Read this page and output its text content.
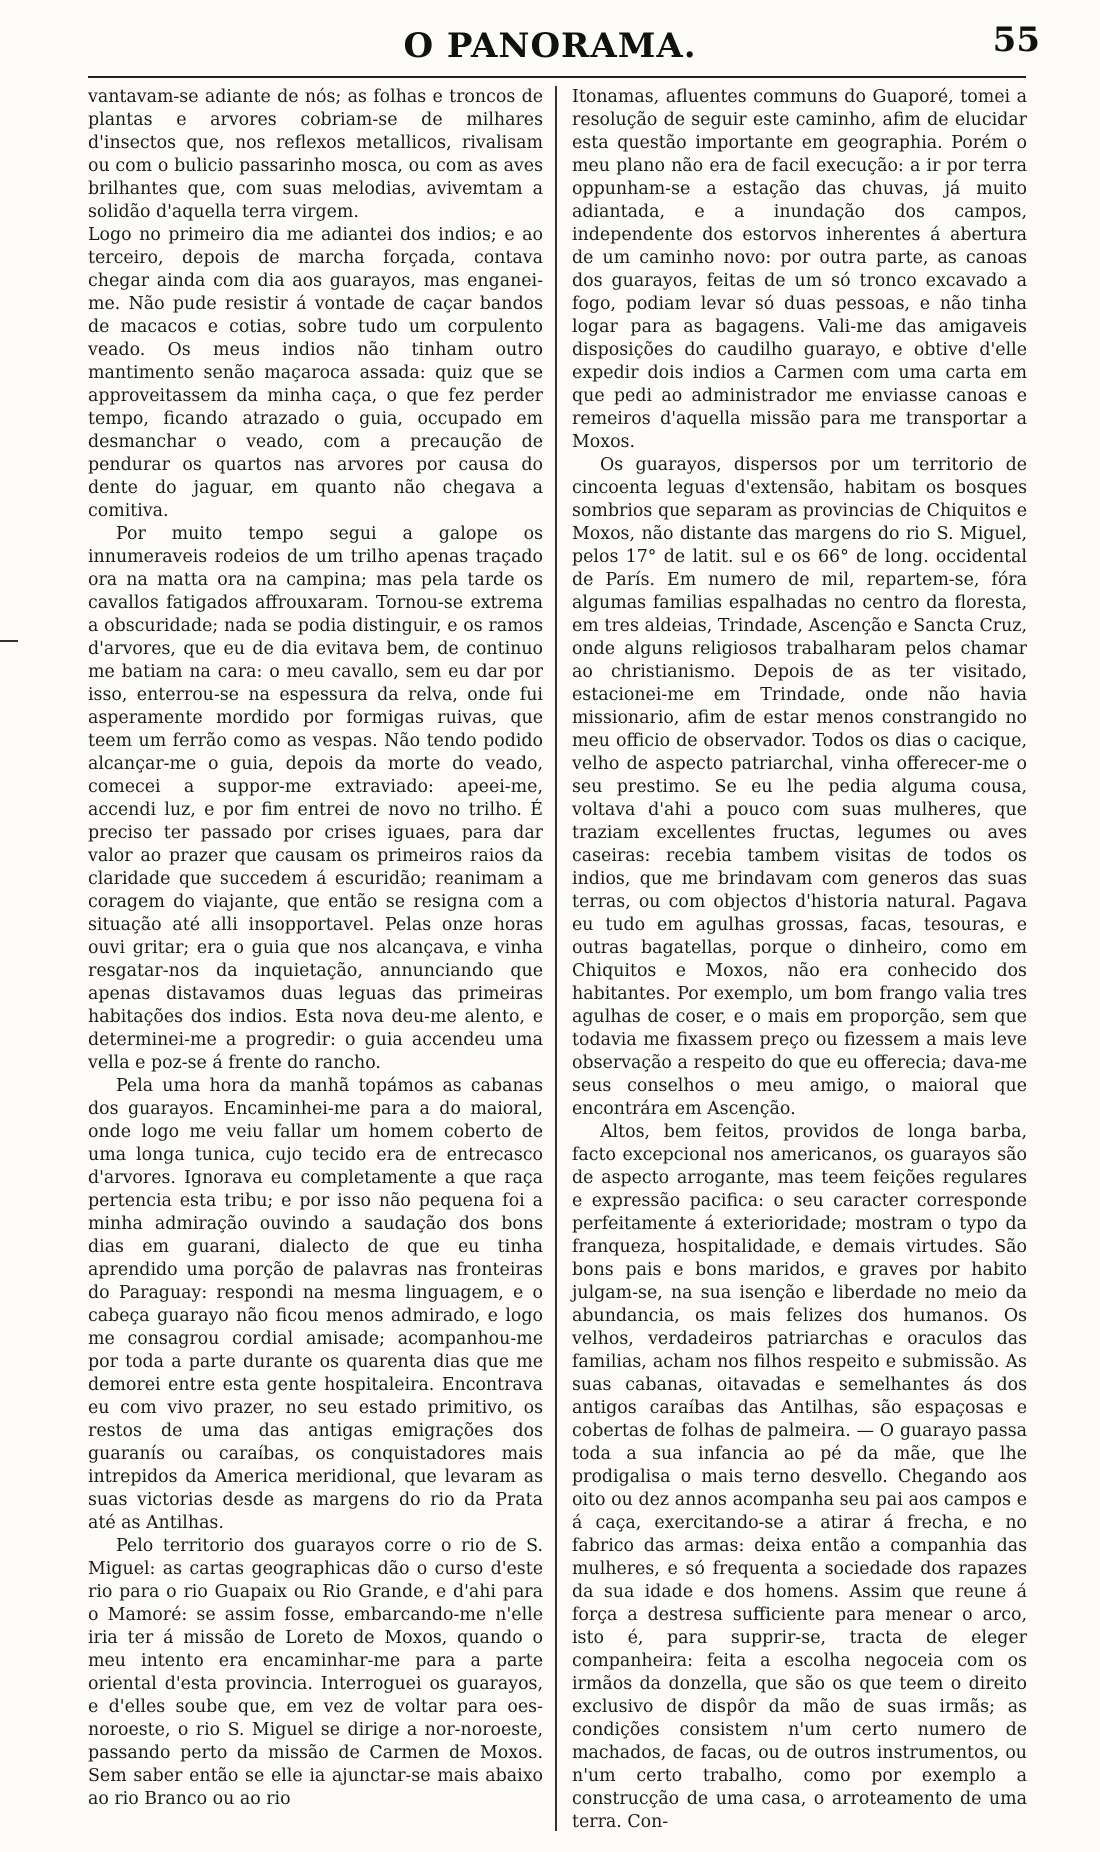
O PANORAMA.	55

vantavam-se adiante de nós; as folhas e troncos de plantas e arvores cobriam-se de milhares d'insectos que, nos reflexos metallicos, rivalisam ou com o bulicio passarinho mosca, ou com as aves brilhantes que, com suas melodias, avivemtam a solidão d'aquella terra virgem.

Logo no primeiro dia me adiantei dos indios; e ao terceiro, depois de marcha forçada, contava chegar ainda com dia aos guarayos, mas enganei-me. Não pude resistir á vontade de caçar bandos de macacos e cotias, sobre tudo um corpulento veado. Os meus indios não tinham outro mantimento senão maçaroca assada: quiz que se approveitassem da minha caça, o que fez perder tempo, ficando atrazado o guia, occupado em desmanchar o veado, com a precaução de pendurar os quartos nas arvores por causa do dente do jaguar, em quanto não chegava a comitiva.

Por muito tempo segui a galope os innumeraveis rodeios de um trilho apenas traçado ora na matta ora na campina; mas pela tarde os cavallos fatigados affrouxaram. Tornou-se extrema a obscuridade; nada se podia distinguir, e os ramos d'arvores, que eu de dia evitava bem, de continuo me batiam na cara: o meu cavallo, sem eu dar por isso, enterrou-se na espessura da relva, onde fui asperamente mordido por formigas ruivas, que teem um ferrão como as vespas. Não tendo podido alcançar-me o guia, depois da morte do veado, comecei a suppor-me extraviado: apeei-me, accendi luz, e por fim entrei de novo no trilho. É preciso ter passado por crises iguaes, para dar valor ao prazer que causam os primeiros raios da claridade que succedem á escuridão; reanimam a coragem do viajante, que então se resigna com a situação até alli insopportavel. Pelas onze horas ouvi gritar; era o guia que nos alcançava, e vinha resgatar-nos da inquietação, annunciando que apenas distavamos duas leguas das primeiras habitações dos indios. Esta nova deu-me alento, e determinei-me a progredir: o guia accendeu uma vella e poz-se á frente do rancho.

Pela uma hora da manhã topámos as cabanas dos guarayos. Encaminhei-me para a do maioral, onde logo me veiu fallar um homem coberto de uma longa tunica, cujo tecido era de entrecasco d'arvores. Ignorava eu completamente a que raça pertencia esta tribu; e por isso não pequena foi a minha admiração ouvindo a saudação dos bons dias em guarani, dialecto de que eu tinha aprendido uma porção de palavras nas fronteiras do Paraguay: respondi na mesma linguagem, e o cabeça guarayo não ficou menos admirado, e logo me consagrou cordial amisade; acompanhou-me por toda a parte durante os quarenta dias que me demorei entre esta gente hospitaleira. Encontrava eu com vivo prazer, no seu estado primitivo, os restos de uma das antigas emigrações dos guaranís ou caraíbas, os conquistadores mais intrepidos da America meridional, que levaram as suas victorias desde as margens do rio da Prata até as Antilhas.

Pelo territorio dos guarayos corre o rio de S. Miguel: as cartas geographicas dão o curso d'este rio para o rio Guapaix ou Rio Grande, e d'ahi para o Mamoré: se assim fosse, embarcando-me n'elle iria ter á missão de Loreto de Moxos, quando o meu intento era encaminhar-me para a parte oriental d'esta provincia. Interroguei os guarayos, e d'elles soube que, em vez de voltar para oes-noroeste, o rio S. Miguel se dirige a nor-noroeste, passando perto da missão de Carmen de Moxos. Sem saber então se elle ia ajunctar-se mais abaixo ao rio Branco ou ao rio

Itonamas, afluentes communs do Guaporé, tomei a resolução de seguir este caminho, afim de elucidar esta questão importante em geographia. Porém o meu plano não era de facil execução: a ir por terra oppunham-se a estação das chuvas, já muito adiantada, e a inundação dos campos, independente dos estorvos inherentes á abertura de um caminho novo: por outra parte, as canoas dos guarayos, feitas de um só tronco excavado a fogo, podiam levar só duas pessoas, e não tinha logar para as bagagens. Vali-me das amigaveis disposições do caudilho guarayo, e obtive d'elle expedir dois indios a Carmen com uma carta em que pedi ao administrador me enviasse canoas e remeiros d'aquella missão para me transportar a Moxos.

Os guarayos, dispersos por um territorio de cincoenta leguas d'extensão, habitam os bosques sombrios que separam as provincias de Chiquitos e Moxos, não distante das margens do rio S. Miguel, pelos 17° de latit. sul e os 66° de long. occidental de París. Em numero de mil, repartem-se, fóra algumas familias espalhadas no centro da floresta, em tres aldeias, Trindade, Ascenção e Sancta Cruz, onde alguns religiosos trabalharam pelos chamar ao christianismo. Depois de as ter visitado, estacionei-me em Trindade, onde não havia missionario, afim de estar menos constrangido no meu officio de observador. Todos os dias o cacique, velho de aspecto patriarchal, vinha offerecer-me o seu prestimo. Se eu lhe pedia alguma cousa, voltava d'ahi a pouco com suas mulheres, que traziam excellentes fructas, legumes ou aves caseiras: recebia tambem visitas de todos os indios, que me brindavam com generos das suas terras, ou com objectos d'historia natural. Pagava eu tudo em agulhas grossas, facas, tesouras, e outras bagatellas, porque o dinheiro, como em Chiquitos e Moxos, não era conhecido dos habitantes. Por exemplo, um bom frango valia tres agulhas de coser, e o mais em proporção, sem que todavia me fixassem preço ou fizessem a mais leve observação a respeito do que eu offerecia; dava-me seus conselhos o meu amigo, o maioral que encontrára em Ascenção.

Altos, bem feitos, providos de longa barba, facto excepcional nos americanos, os guarayos são de aspecto arrogante, mas teem feições regulares e expressão pacifica: o seu caracter corresponde perfeitamente á exterioridade; mostram o typo da franqueza, hospitalidade, e demais virtudes. São bons pais e bons maridos, e graves por habito julgam-se, na sua isenção e liberdade no meio da abundancia, os mais felizes dos humanos. Os velhos, verdadeiros patriarchas e oraculos das familias, acham nos filhos respeito e submissão. As suas cabanas, oitavadas e semelhantes ás dos antigos caraíbas das Antilhas, são espaçosas e cobertas de folhas de palmeira. — O guarayo passa toda a sua infancia ao pé da mãe, que lhe prodigalisa o mais terno desvello. Chegando aos oito ou dez annos acompanha seu pai aos campos e á caça, exercitando-se a atirar á frecha, e no fabrico das armas: deixa então a companhia das mulheres, e só frequenta a sociedade dos rapazes da sua idade e dos homens. Assim que reune á força a destresa sufficiente para menear o arco, isto é, para supprir-se, tracta de eleger companheira: feita a escolha negoceia com os irmãos da donzella, que são os que teem o direito exclusivo de dispôr da mão de suas irmãs; as condições consistem n'um certo numero de machados, de facas, ou de outros instrumentos, ou n'um certo trabalho, como por exemplo a construcção de uma casa, o arroteamento de uma terra. Con-
